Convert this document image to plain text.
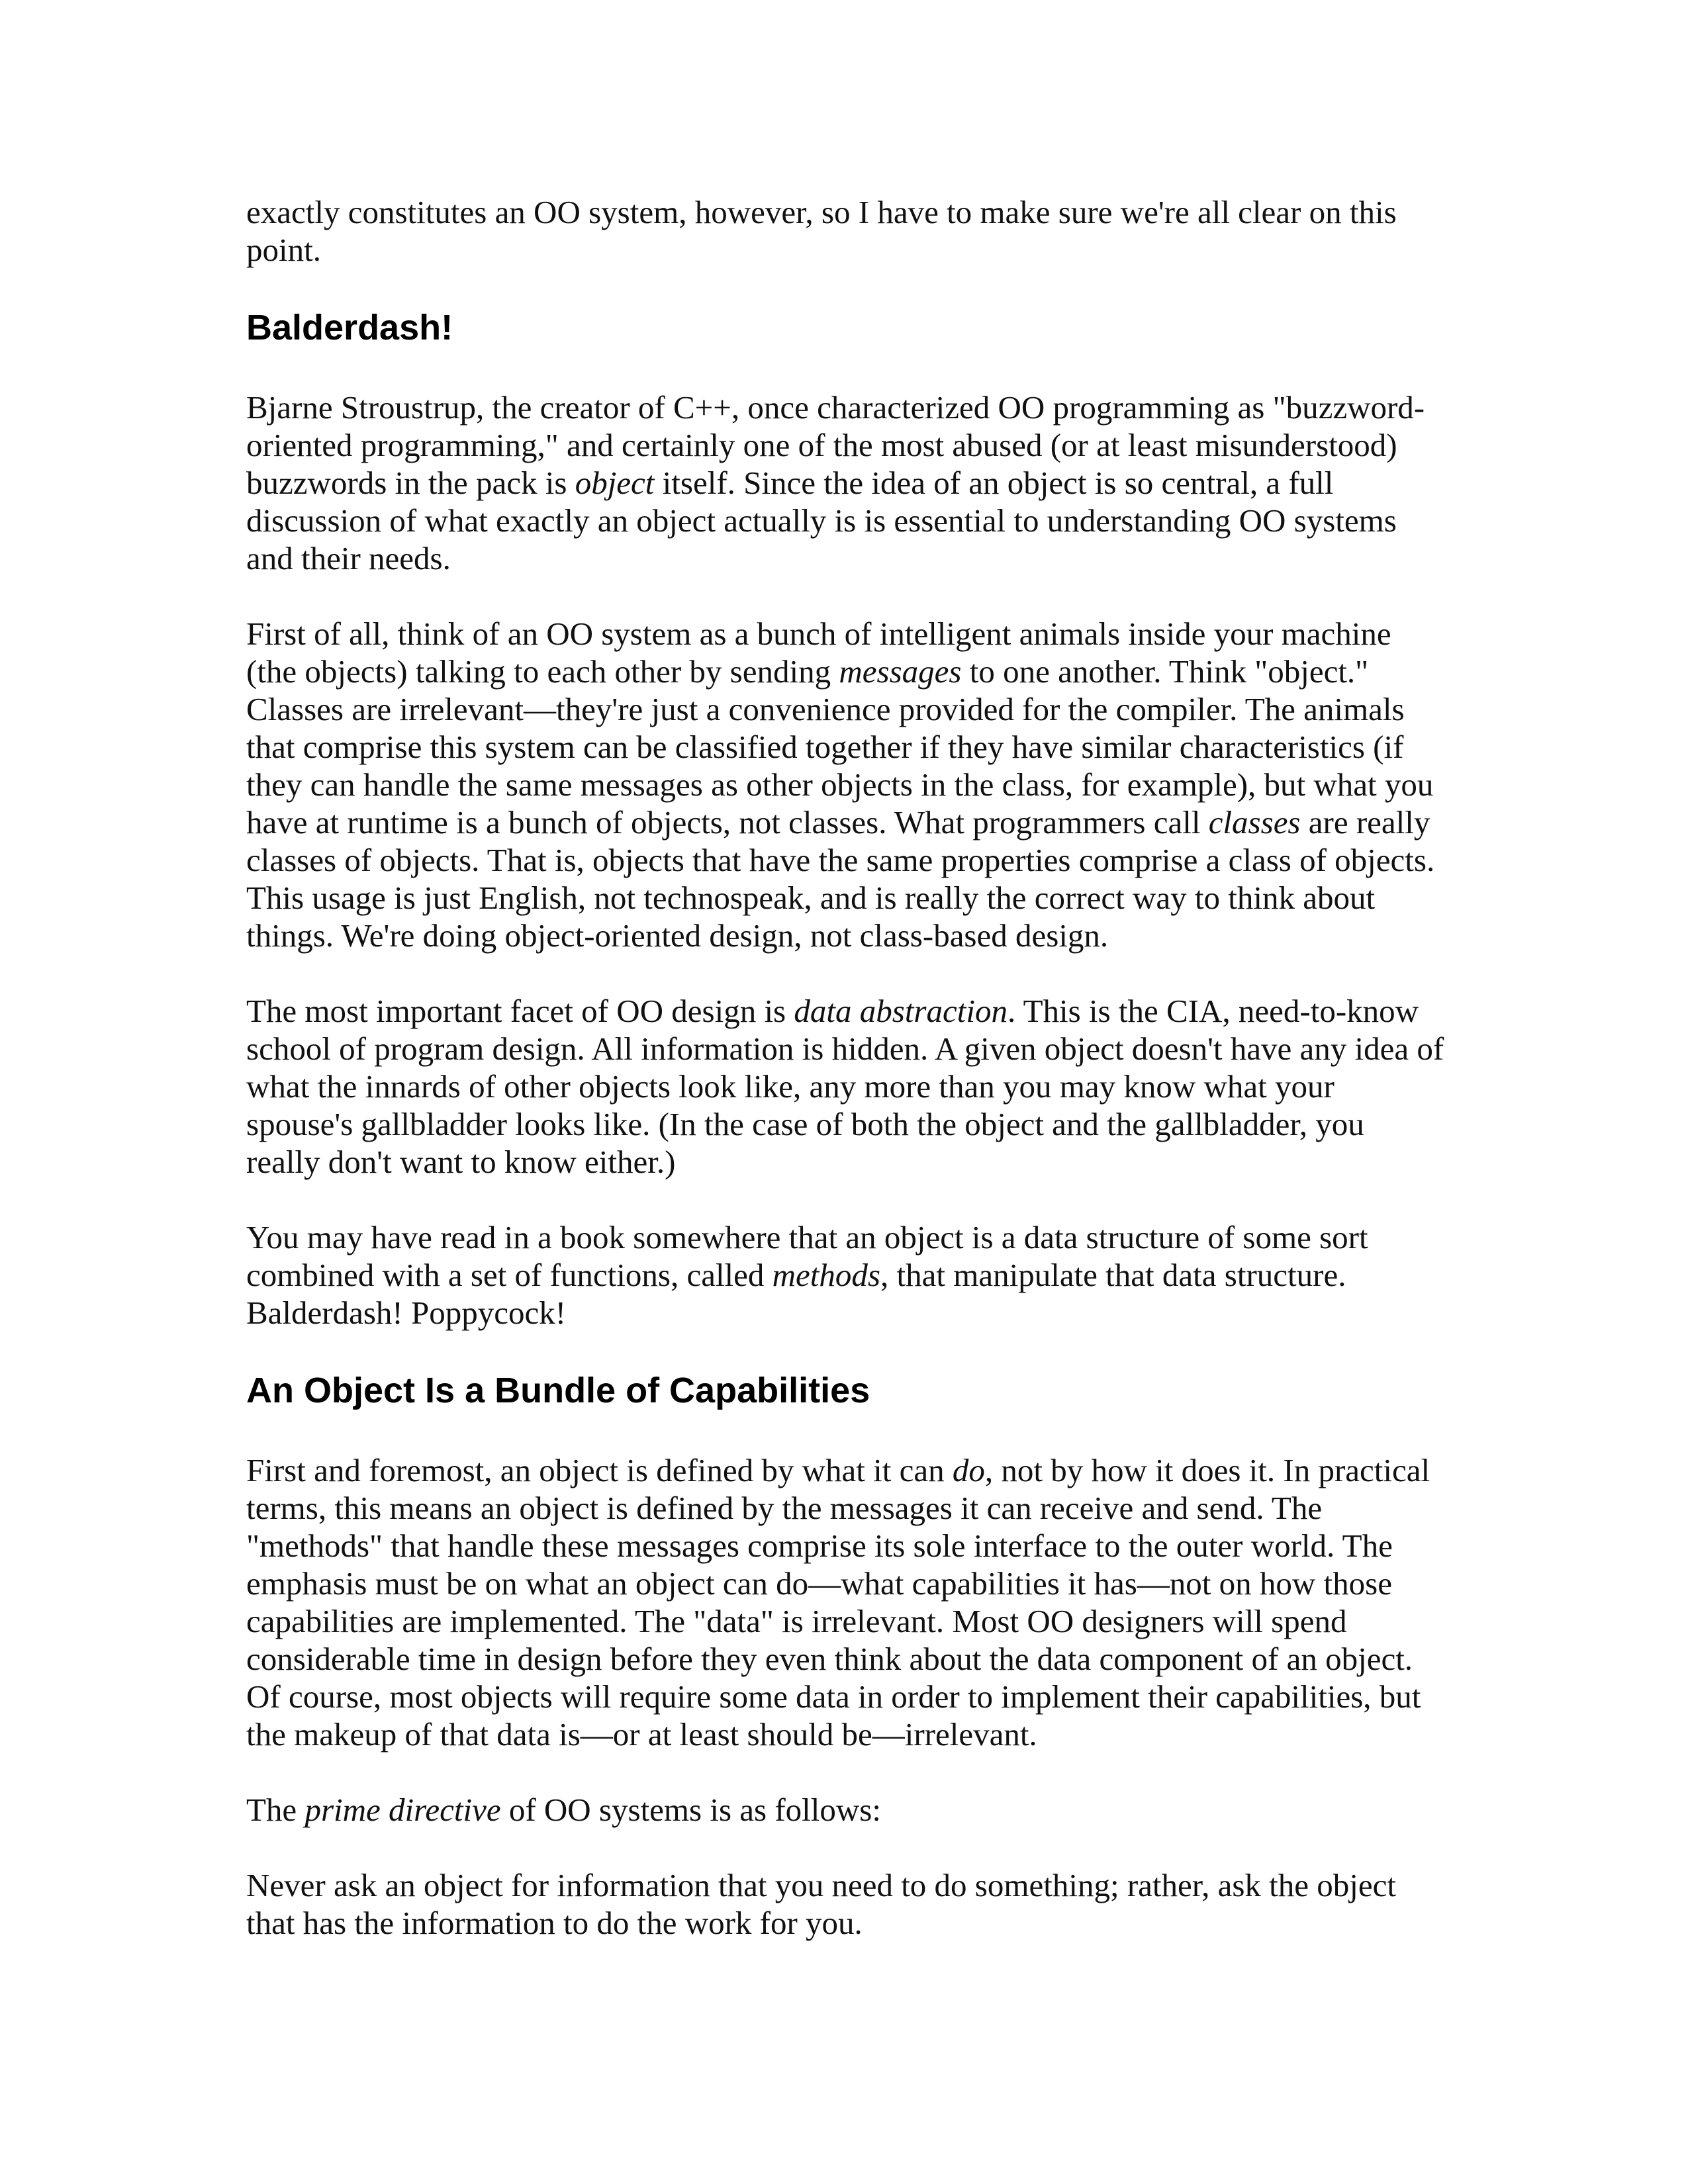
exactly constitutes an OO system, however, so I have to make sure we're all clear on this point.

Balderdash!

Bjarne Stroustrup, the creator of C++, once characterized OO programming as "buzzword-oriented programming," and certainly one of the most abused (or at least misunderstood) buzzwords in the pack is object itself. Since the idea of an object is so central, a full discussion of what exactly an object actually is is essential to understanding OO systems and their needs.

First of all, think of an OO system as a bunch of intelligent animals inside your machine (the objects) talking to each other by sending messages to one another. Think "object." Classes are irrelevant—they're just a convenience provided for the compiler. The animals that comprise this system can be classified together if they have similar characteristics (if they can handle the same messages as other objects in the class, for example), but what you have at runtime is a bunch of objects, not classes. What programmers call classes are really classes of objects. That is, objects that have the same properties comprise a class of objects. This usage is just English, not technospeak, and is really the correct way to think about things. We're doing object-oriented design, not class-based design.

The most important facet of OO design is data abstraction. This is the CIA, need-to-know school of program design. All information is hidden. A given object doesn't have any idea of what the innards of other objects look like, any more than you may know what your spouse's gallbladder looks like. (In the case of both the object and the gallbladder, you really don't want to know either.)

You may have read in a book somewhere that an object is a data structure of some sort combined with a set of functions, called methods, that manipulate that data structure. Balderdash! Poppycock!

An Object Is a Bundle of Capabilities

First and foremost, an object is defined by what it can do, not by how it does it. In practical terms, this means an object is defined by the messages it can receive and send. The "methods" that handle these messages comprise its sole interface to the outer world. The emphasis must be on what an object can do—what capabilities it has—not on how those capabilities are implemented. The "data" is irrelevant. Most OO designers will spend considerable time in design before they even think about the data component of an object. Of course, most objects will require some data in order to implement their capabilities, but the makeup of that data is—or at least should be—irrelevant.

The prime directive of OO systems is as follows:

Never ask an object for information that you need to do something; rather, ask the object that has the information to do the work for you.
